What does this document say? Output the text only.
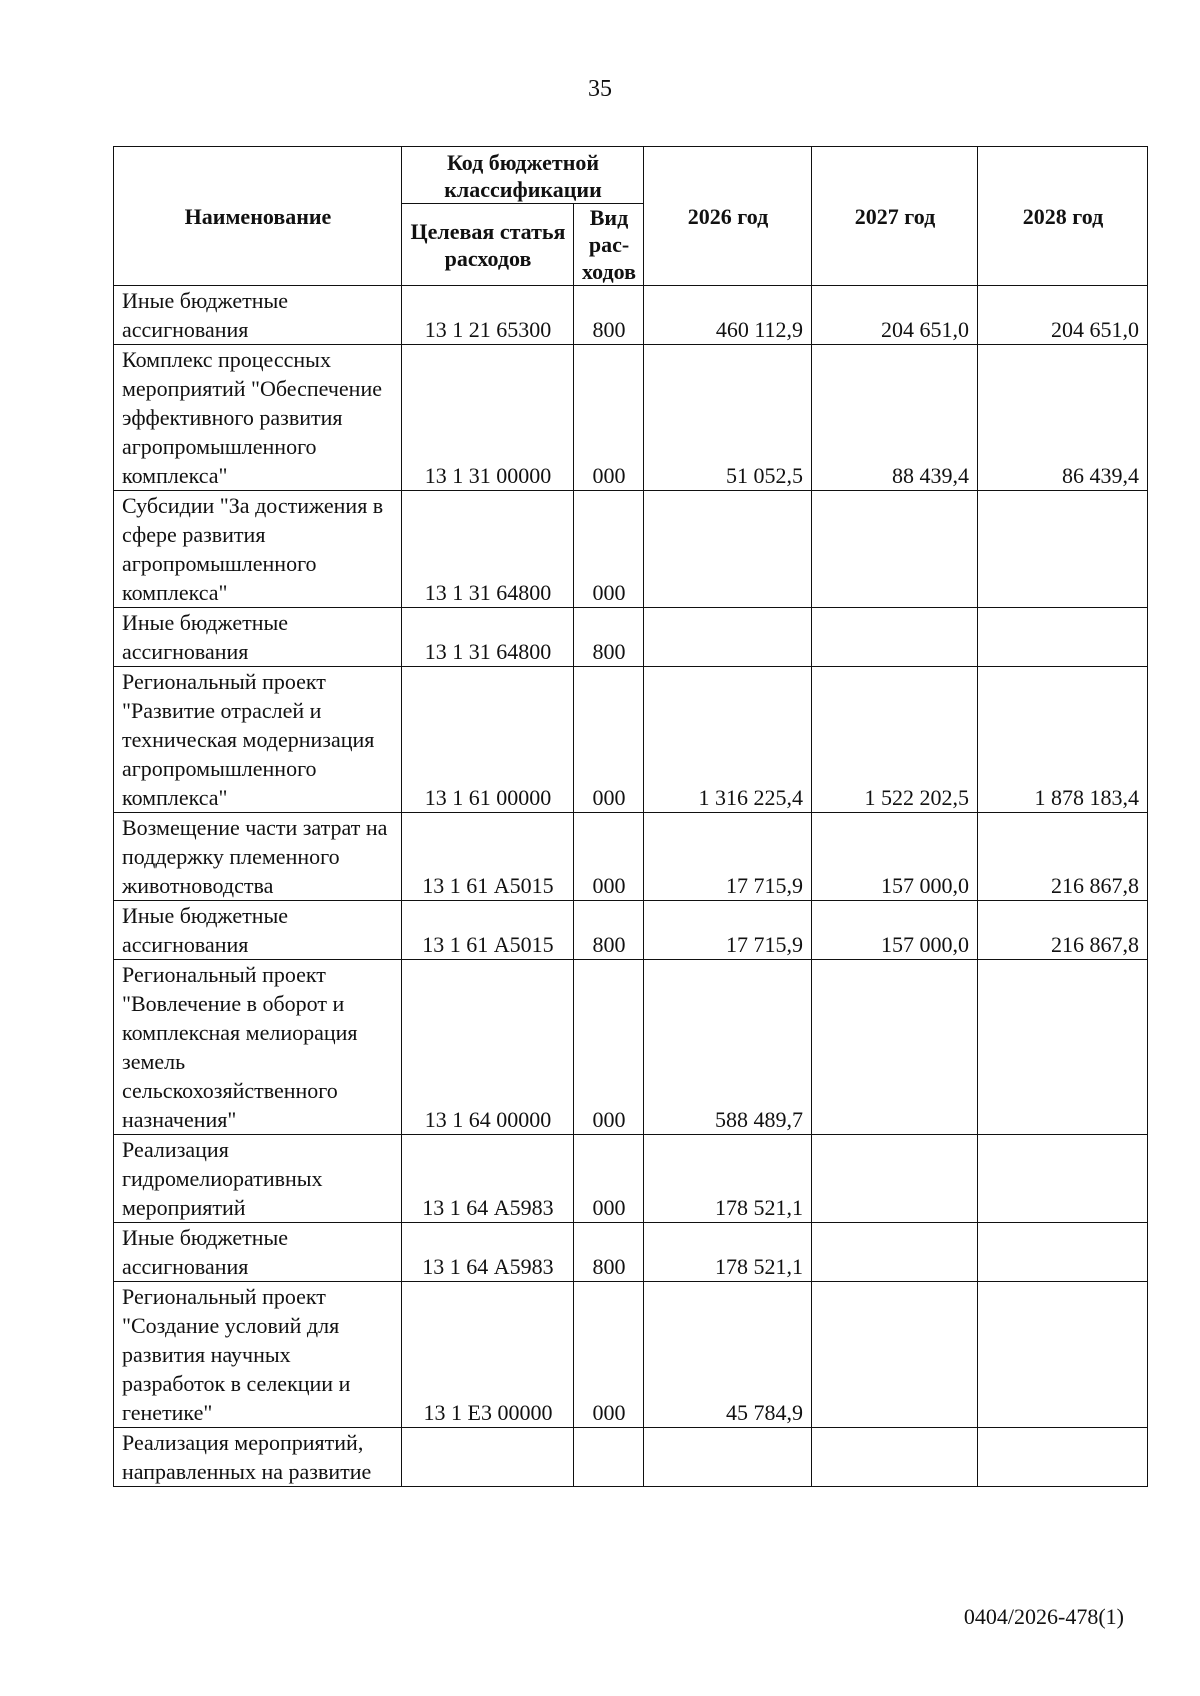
35
Наименование	Код бюджетной классификации		2026 год	2027 год	2028 год
	Целевая статья расходов	Вид рас-ходов			
Иные бюджетные ассигнования	13 1 21 65300	800	460 112,9	204 651,0	204 651,0
Комплекс процессных мероприятий "Обеспечение эффективного развития агропромышленного комплекса"	13 1 31 00000	000	51 052,5	88 439,4	86 439,4
Субсидии "За достижения в сфере развития агропромышленного комплекса"	13 1 31 64800	000			
Иные бюджетные ассигнования	13 1 31 64800	800			
Региональный проект "Развитие отраслей и техническая модернизация агропромышленного комплекса"	13 1 61 00000	000	1 316 225,4	1 522 202,5	1 878 183,4
Возмещение части затрат на поддержку племенного животноводства	13 1 61 А5015	000	17 715,9	157 000,0	216 867,8
Иные бюджетные ассигнования	13 1 61 А5015	800	17 715,9	157 000,0	216 867,8
Региональный проект "Вовлечение в оборот и комплексная мелиорация земель сельскохозяйственного назначения"	13 1 64 00000	000	588 489,7		
Реализация гидромелиоративных мероприятий	13 1 64 А5983	000	178 521,1		
Иные бюджетные ассигнования	13 1 64 А5983	800	178 521,1		
Региональный проект "Создание условий для развития научных разработок в селекции и генетике"	13 1 Е3 00000	000	45 784,9		
Реализация мероприятий, направленных на развитие					
0404/2026-478(1)
